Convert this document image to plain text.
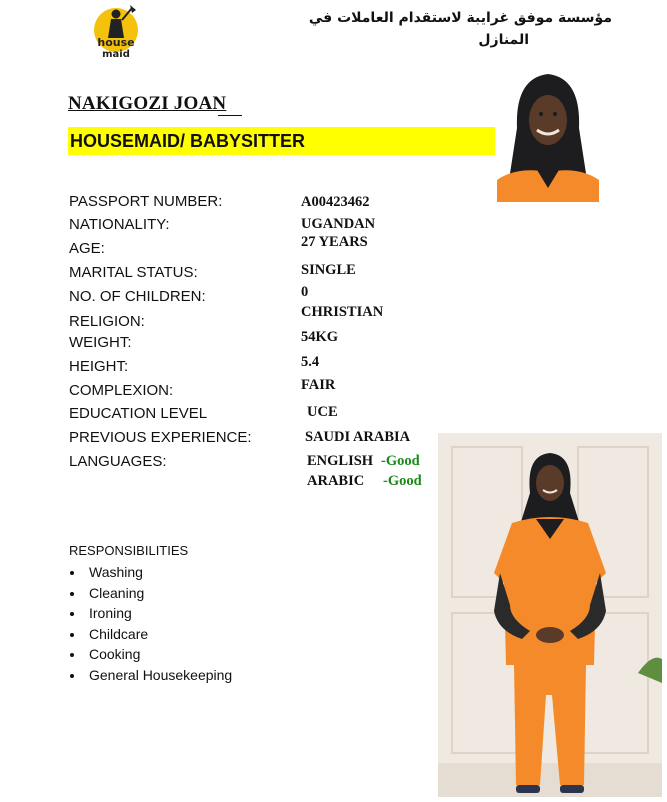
house
maid
مؤسسة موفق غرايبة لاستقدام العاملات في
المنازل
NAKIGOZI JOAN
HOUSEMAID/ BABYSITTER
PASSPORT NUMBER:	A00423462
NATIONALITY:	UGANDAN
AGE:	27 YEARS
MARITAL STATUS:	SINGLE
NO. OF CHILDREN:	0
RELIGION:
CHRISTIAN
WEIGHT:	54KG
HEIGHT:	5.4
COMPLEXION:	FAIR
EDUCATION LEVEL	UCE
PREVIOUS EXPERIENCE:	SAUDI ARABIA
LANGUAGES:	ENGLISH -Good
ARABIC -Good
RESPONSIBILITIES
Washing
Cleaning
Ironing
Childcare
Cooking
General Housekeeping
